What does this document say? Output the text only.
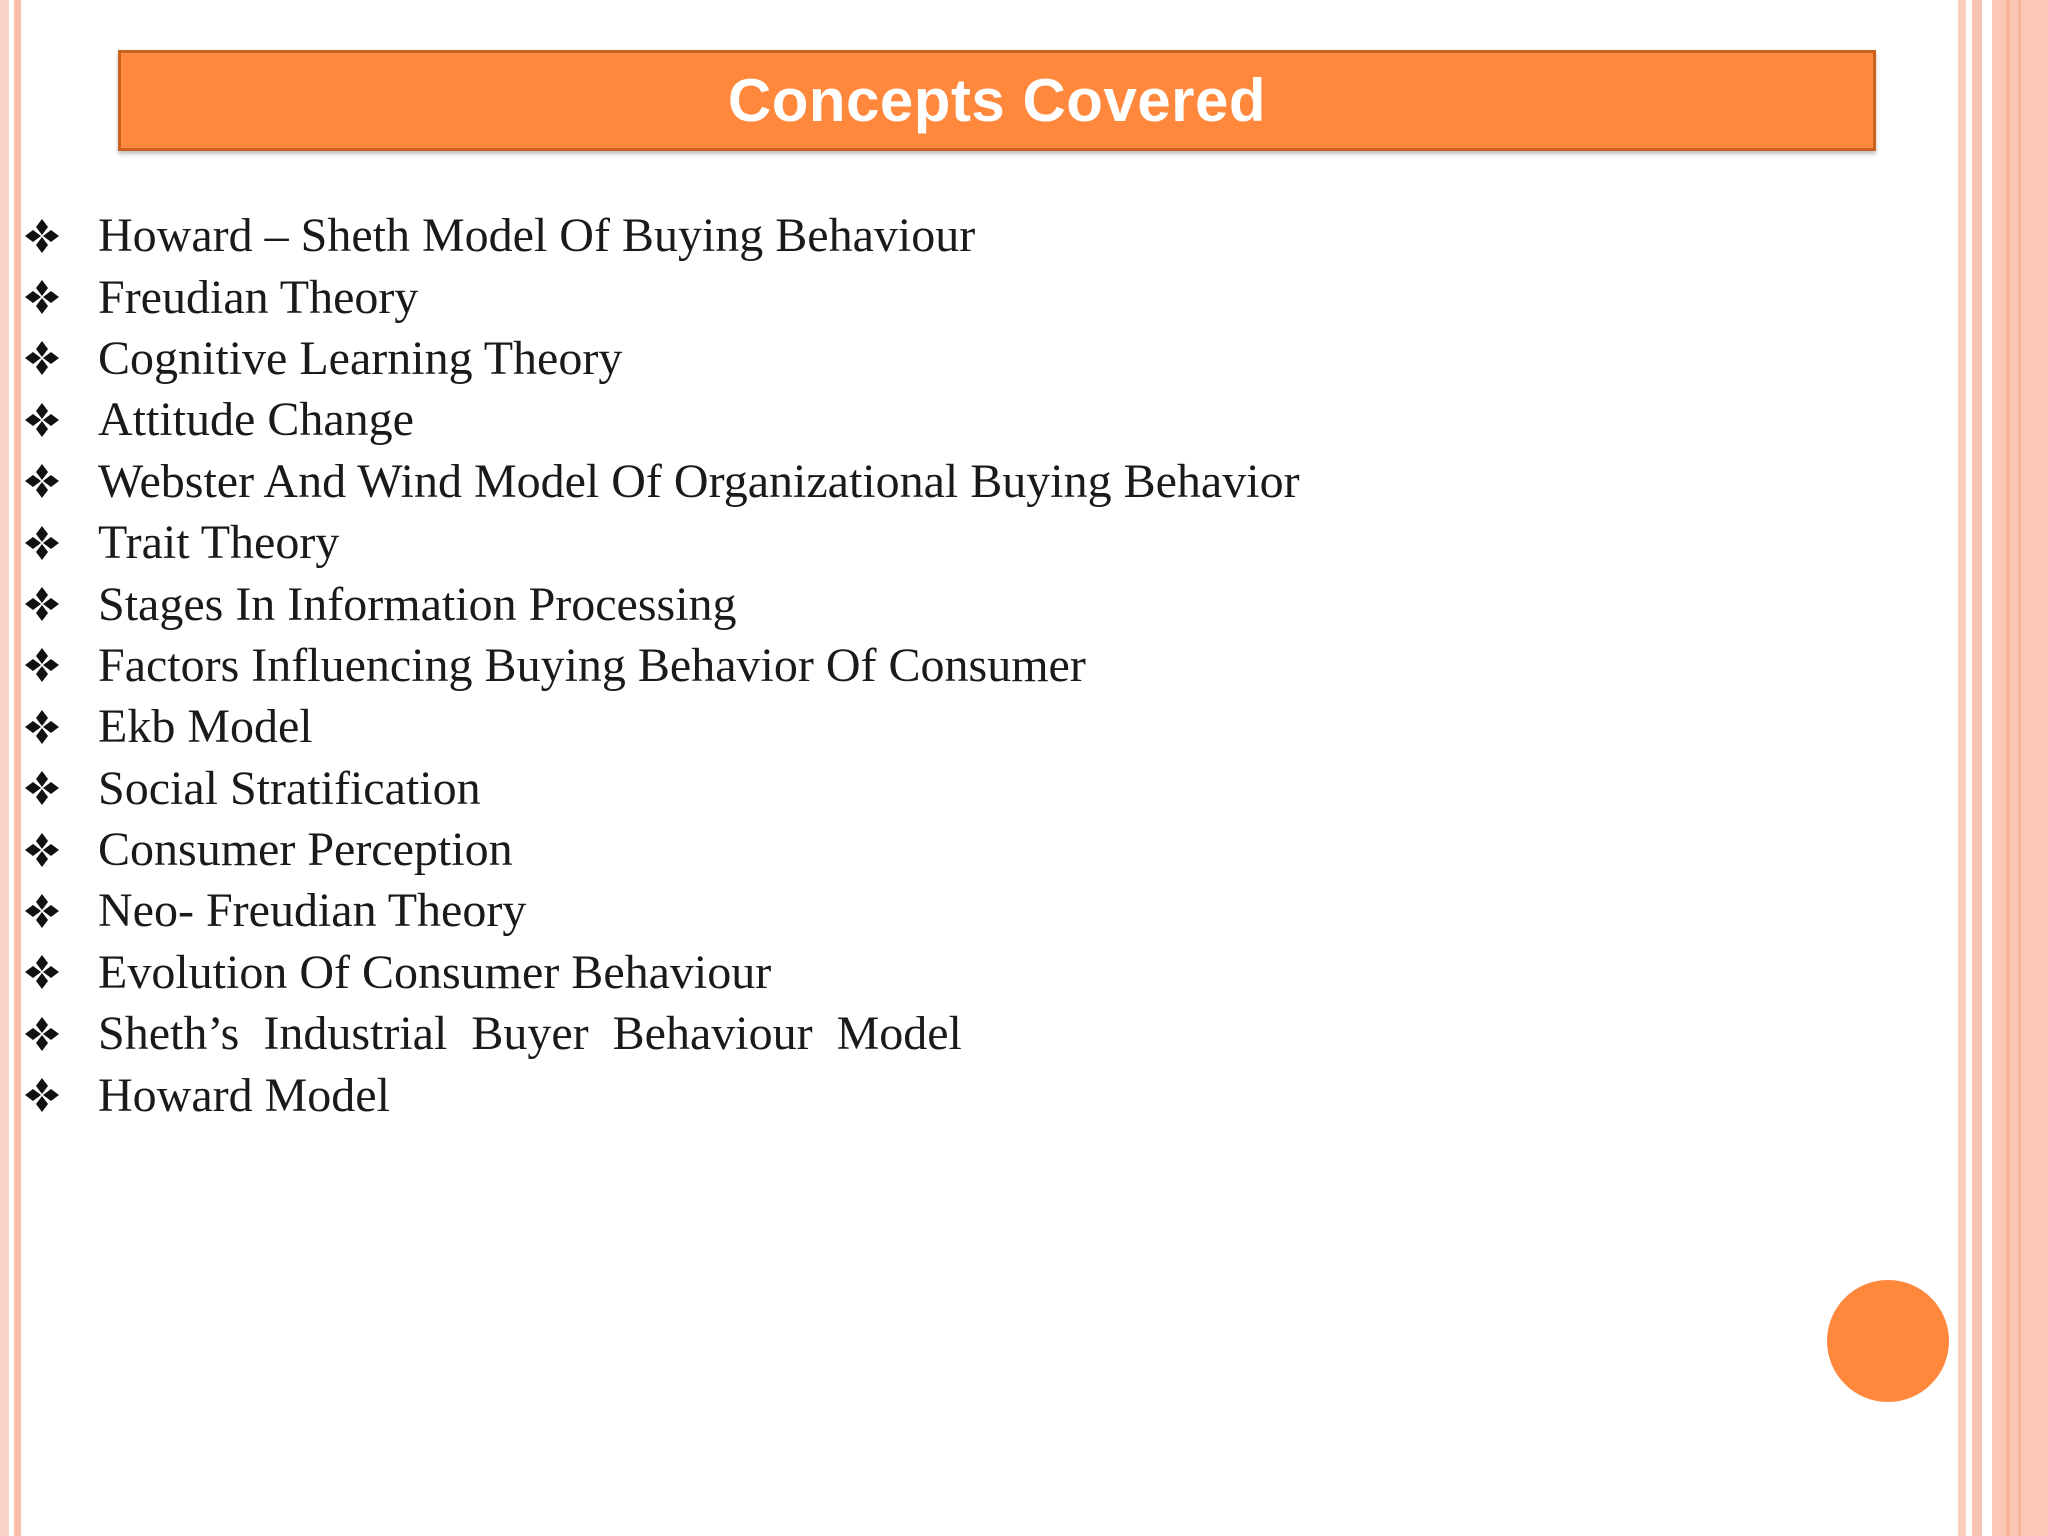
Concepts Covered
Howard – Sheth Model Of Buying Behaviour
Freudian Theory
Cognitive Learning Theory
Attitude Change
Webster And Wind Model Of Organizational Buying Behavior
Trait Theory
Stages In Information Processing
Factors Influencing Buying Behavior Of Consumer
Ekb Model
Social Stratification
Consumer Perception
Neo- Freudian Theory
Evolution Of Consumer Behaviour
Sheth’s  Industrial  Buyer  Behaviour  Model
Howard Model
